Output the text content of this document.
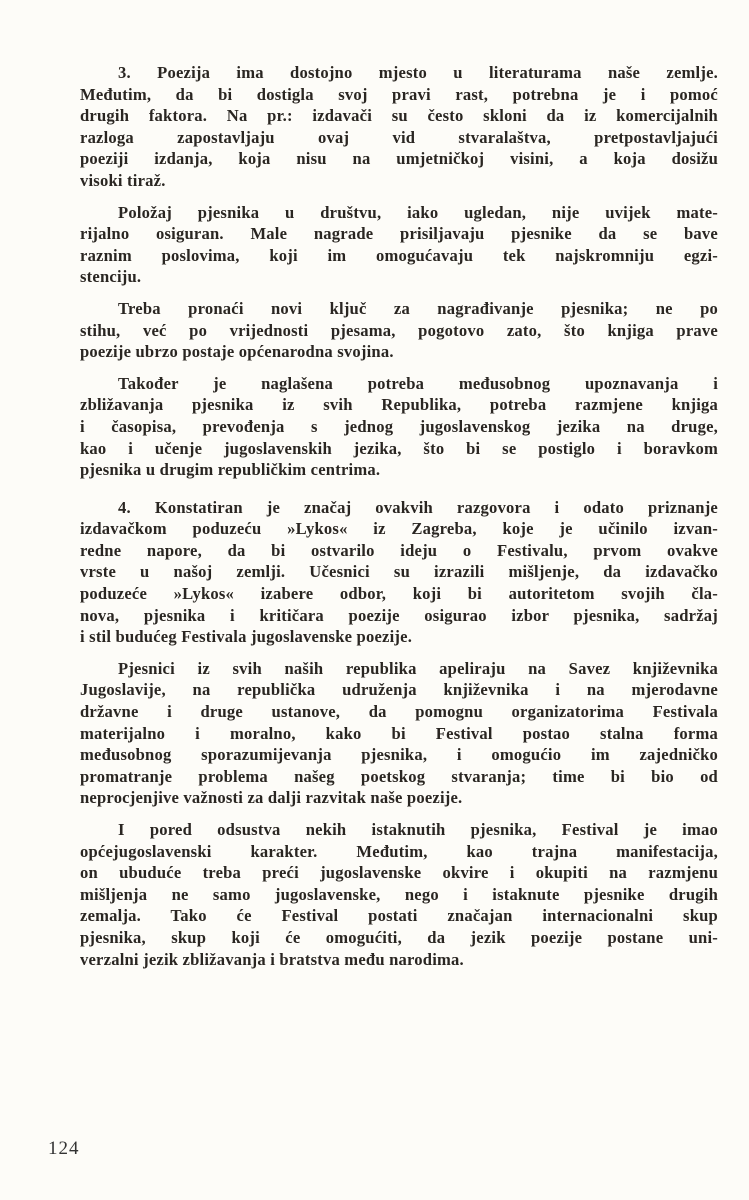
3. Poezija ima dostojno mjesto u literaturama naše zemlje.
Međutim, da bi dostigla svoj pravi rast, potrebna je i pomoć
drugih faktora. Na pr.: izdavači su često skloni da iz komercijalnih
razloga zapostavljaju ovaj vid stvaralaštva, pretpostavljajući
poeziji izdanja, koja nisu na umjetničkoj visini, a koja dosižu
visoki tiraž.
Položaj pjesnika u društvu, iako ugledan, nije uvijek mate-
rijalno osiguran. Male nagrade prisiljavaju pjesnike da se bave
raznim poslovima, koji im omogućavaju tek najskromniju egzi-
stenciju.
Treba pronaći novi ključ za nagrađivanje pjesnika; ne po
stihu, već po vrijednosti pjesama, pogotovo zato, što knjiga prave
poezije ubrzo postaje općenarodna svojina.
Također je naglašena potreba međusobnog upoznavanja i
zbližavanja pjesnika iz svih Republika, potreba razmjene knjiga
i časopisa, prevođenja s jednog jugoslavenskog jezika na druge,
kao i učenje jugoslavenskih jezika, što bi se postiglo i boravkom
pjesnika u drugim republičkim centrima.
4. Konstatiran je značaj ovakvih razgovora i odato priznanje
izdavačkom poduzeću »Lykos« iz Zagreba, koje je učinilo izvan-
redne napore, da bi ostvarilo ideju o Festivalu, prvom ovakve
vrste u našoj zemlji. Učesnici su izrazili mišljenje, da izdavačko
poduzeće »Lykos« izabere odbor, koji bi autoritetom svojih čla-
nova, pjesnika i kritičara poezije osigurao izbor pjesnika, sadržaj
i stil budućeg Festivala jugoslavenske poezije.
Pjesnici iz svih naših republika apeliraju na Savez književnika
Jugoslavije, na republička udruženja književnika i na mjerodavne
državne i druge ustanove, da pomognu organizatorima Festivala
materijalno i moralno, kako bi Festival postao stalna forma
međusobnog sporazumijevanja pjesnika, i omogućio im zajedničko
promatranje problema našeg poetskog stvaranja; time bi bio od
neprocjenjive važnosti za dalji razvitak naše poezije.
I pored odsustva nekih istaknutih pjesnika, Festival je imao
općejugoslavenski karakter. Međutim, kao trajna manifestacija,
on ubuduće treba preći jugoslavenske okvire i okupiti na razmjenu
mišljenja ne samo jugoslavenske, nego i istaknute pjesnike drugih
zemalja. Tako će Festival postati značajan internacionalni skup
pjesnika, skup koji će omogućiti, da jezik poezije postane uni-
verzalni jezik zbližavanja i bratstva među narodima.
124
